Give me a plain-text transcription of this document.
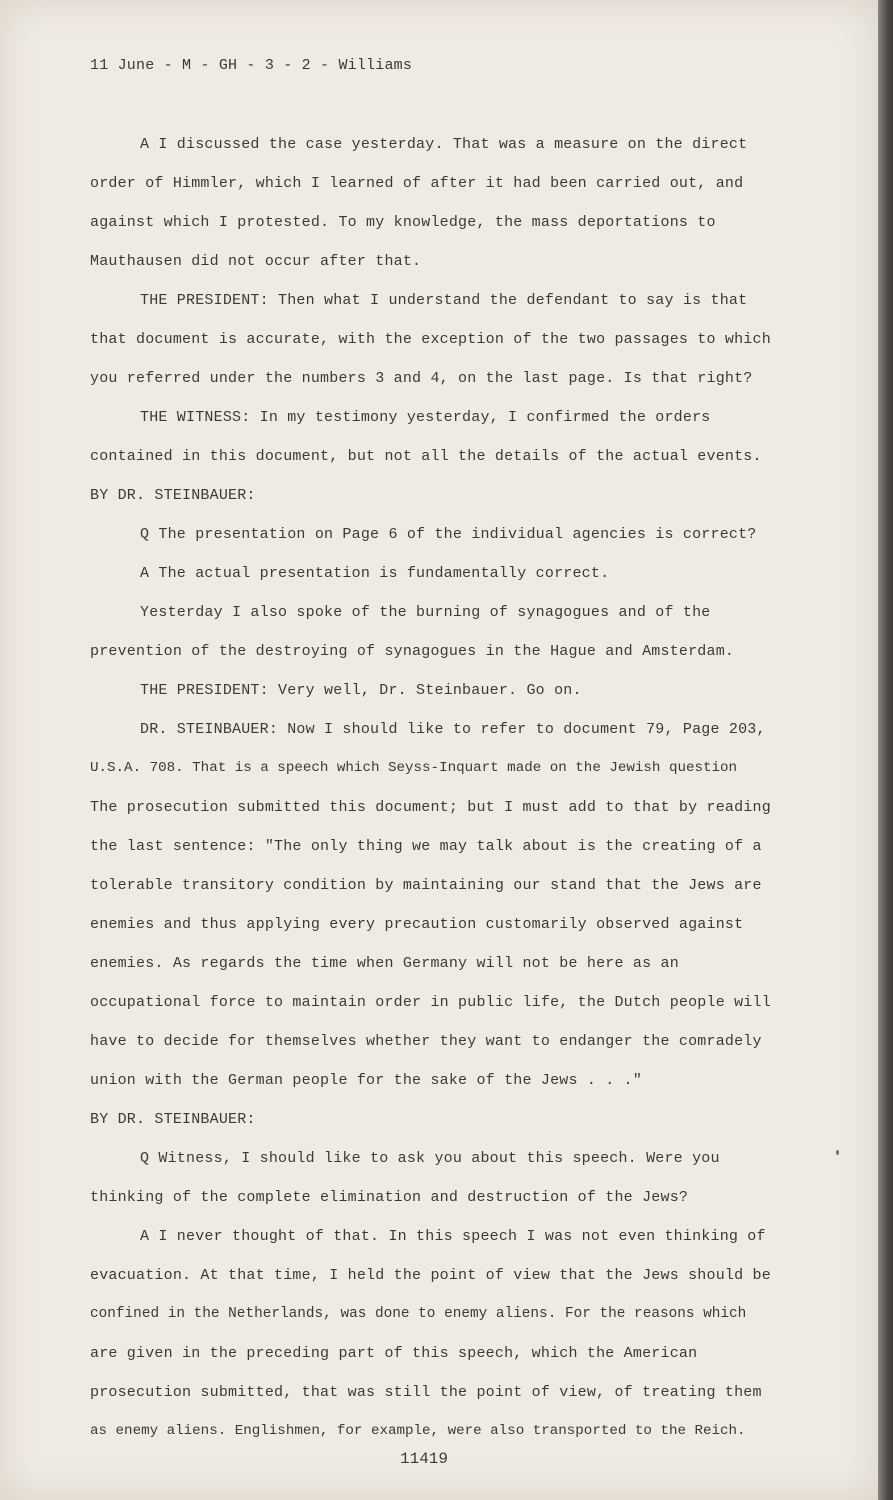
11 June - M - GH - 3 - 2 - Williams
A I discussed the case yesterday. That was a measure on the direct
order of Himmler, which I learned of after it had been carried out, and
against which I protested. To my knowledge, the mass deportations to
Mauthausen did not occur after that.
THE PRESIDENT: Then what I understand the defendant to say is that
that document is accurate, with the exception of the two passages to which
you referred under the numbers 3 and 4, on the last page. Is that right?
THE WITNESS: In my testimony yesterday, I confirmed the orders
contained in this document, but not all the details of the actual events.
BY DR. STEINBAUER:
Q The presentation on Page 6 of the individual agencies is correct?
A The actual presentation is fundamentally correct.
Yesterday I also spoke of the burning of synagogues and of the
prevention of the destroying of synagogues in the Hague and Amsterdam.
THE PRESIDENT: Very well, Dr. Steinbauer. Go on.
DR. STEINBAUER: Now I should like to refer to document 79, Page 203,
U.S.A. 708. That is a speech which Seyss-Inquart made on the Jewish question
The prosecution submitted this document; but I must add to that by reading
the last sentence: "The only thing we may talk about is the creating of a
tolerable transitory condition by maintaining our stand that the Jews are
enemies and thus applying every precaution customarily observed against
enemies. As regards the time when Germany will not be here as an
occupational force to maintain order in public life, the Dutch people will
have to decide for themselves whether they want to endanger the comradely
union with the German people for the sake of the Jews . . ."
BY DR. STEINBAUER:
Q Witness, I should like to ask you about this speech. Were you
thinking of the complete elimination and destruction of the Jews?
A I never thought of that. In this speech I was not even thinking of
evacuation. At that time, I held the point of view that the Jews should be
confined in the Netherlands, was done to enemy aliens. For the reasons which
are given in the preceding part of this speech, which the American
prosecution submitted, that was still the point of view, of treating them
as enemy aliens. Englishmen, for example, were also transported to the Reich.
11419
